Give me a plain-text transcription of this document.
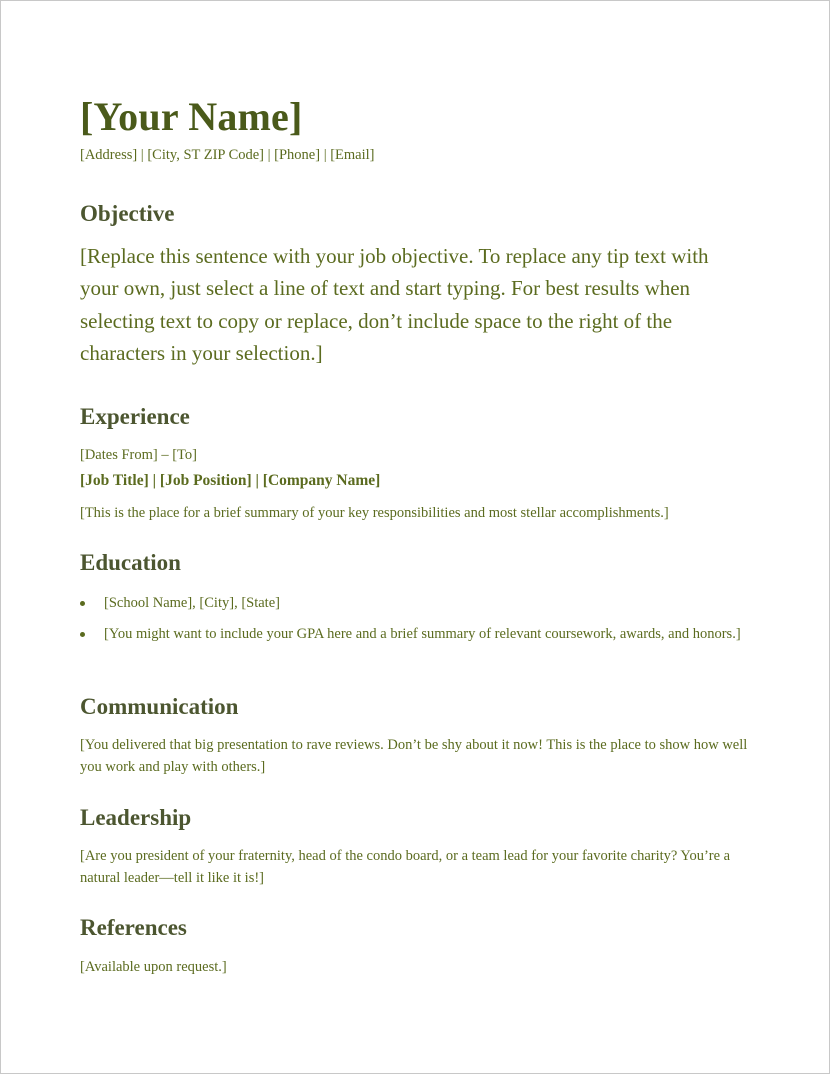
[Your Name]
[Address] | [City, ST ZIP Code] | [Phone] | [Email]
Objective
[Replace this sentence with your job objective. To replace any tip text with your own, just select a line of text and start typing. For best results when selecting text to copy or replace, don’t include space to the right of the characters in your selection.]
Experience
[Dates From] – [To]
[Job Title] | [Job Position] | [Company Name]
[This is the place for a brief summary of your key responsibilities and most stellar accomplishments.]
Education
[School Name], [City], [State]
[You might want to include your GPA here and a brief summary of relevant coursework, awards, and honors.]
Communication
[You delivered that big presentation to rave reviews. Don’t be shy about it now! This is the place to show how well you work and play with others.]
Leadership
[Are you president of your fraternity, head of the condo board, or a team lead for your favorite charity? You’re a natural leader—tell it like it is!]
References
[Available upon request.]
